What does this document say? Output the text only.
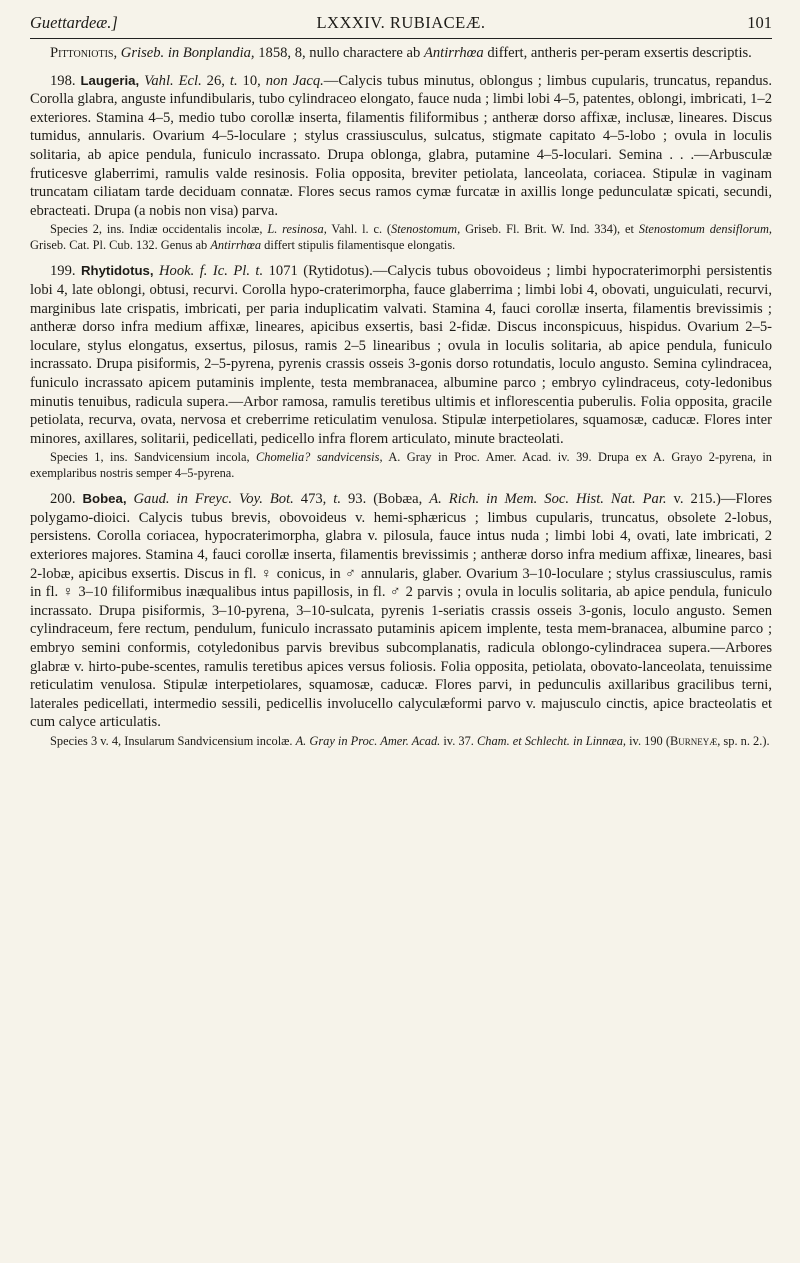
Guettardeæ.]	LXXXIV. RUBIACEÆ.	101

Pittoniotis, Griseb. in Bonplandia, 1858, 8, nullo charactere ab Antirrhœa differt, antheris per-peram exsertis descriptis.

198. Laugeria, Vahl. Ecl. 26, t. 10, non Jacq.—Calycis tubus minutus, oblongus ; limbus cupularis, truncatus, repandus. Corolla glabra, anguste infundibularis, tubo cylindraceo elongato, fauce nuda ; limbi lobi 4–5, patentes, oblongi, imbricati, 1–2 exteriores. Stamina 4–5, medio tubo corollæ inserta, filamentis filiformibus ; antheræ dorso affixæ, inclusæ, lineares. Discus tumidus, annularis. Ovarium 4–5-loculare ; stylus crassiusculus, sulcatus, stigmate capitato 4–5-lobo ; ovula in loculis solitaria, ab apice pendula, funiculo incrassato. Drupa oblonga, glabra, putamine 4–5-loculari. Semina . . .—Arbusculæ fruticesve glaberrimi, ramulis valde resinosis. Folia opposita, breviter petiolata, lanceolata, coriacea. Stipulæ in vaginam truncatam ciliatam tarde deciduam connatæ. Flores secus ramos cymæ furcatæ in axillis longe pedunculatæ spicati, secundi, ebracteati. Drupa (a nobis non visa) parva.

Species 2, ins. Indiæ occidentalis incolæ, L. resinosa, Vahl. l. c. (Stenostomum, Griseb. Fl. Brit. W. Ind. 334), et Stenostomum densiflorum, Griseb. Cat. Pl. Cub. 132. Genus ab Antirrhœa differt stipulis filamentisque elongatis.

199. Rhytidotus, Hook. f. Ic. Pl. t. 1071 (Rytidotus).—Calycis tubus obovoideus ; limbi hypocraterimorphi persistentis lobi 4, late oblongi, obtusi, recurvi. Corolla hypo-craterimorpha, fauce glaberrima ; limbi lobi 4, obovati, unguiculati, recurvi, marginibus late crispatis, imbricati, per paria induplicatim valvati. Stamina 4, fauci corollæ inserta, filamentis brevissimis ; antheræ dorso infra medium affixæ, lineares, apicibus exsertis, basi 2-fidæ. Discus inconspicuus, hispidus. Ovarium 2–5-loculare, stylus elongatus, exsertus, pilosus, ramis 2–5 linearibus ; ovula in loculis solitaria, ab apice pendula, funiculo incrassato. Drupa pisiformis, 2–5-pyrena, pyrenis crassis osseis 3-gonis dorso rotundatis, loculo angusto. Semina cylindracea, funiculo incrassato apicem putaminis implente, testa membranacea, albumine parco ; embryo cylindraceus, coty-ledonibus minutis tenuibus, radicula supera.—Arbor ramosa, ramulis teretibus ultimis et inflorescentia puberulis. Folia opposita, gracile petiolata, recurva, ovata, nervosa et creberrime reticulatim venulosa. Stipulæ interpetiolares, squamosæ, caducæ. Flores inter minores, axillares, solitarii, pedicellati, pedicello infra florem articulato, minute bracteolati.

Species 1, ins. Sandvicensium incola, Chomelia? sandvicensis, A. Gray in Proc. Amer. Acad. iv. 39. Drupa ex A. Grayo 2-pyrena, in exemplaribus nostris semper 4–5-pyrena.

200. Bobea, Gaud. in Freyc. Voy. Bot. 473, t. 93. (Bobæa, A. Rich. in Mem. Soc. Hist. Nat. Par. v. 215.)—Flores polygamo-dioici. Calycis tubus brevis, obovoideus v. hemi-sphæricus ; limbus cupularis, truncatus, obsolete 2-lobus, persistens. Corolla coriacea, hypocraterimorpha, glabra v. pilosula, fauce intus nuda ; limbi lobi 4, ovati, late imbricati, 2 exteriores majores. Stamina 4, fauci corollæ inserta, filamentis brevissimis ; antheræ dorso infra medium affixæ, lineares, basi 2-lobæ, apicibus exsertis. Discus in fl. ♀ conicus, in ♂ annularis, glaber. Ovarium 3–10-loculare ; stylus crassiusculus, ramis in fl. ♀ 3–10 filiformibus inæqualibus intus papillosis, in fl. ♂ 2 parvis ; ovula in loculis solitaria, ab apice pendula, funiculo incrassato. Drupa pisiformis, 3–10-pyrena, 3–10-sulcata, pyrenis 1-seriatis crassis osseis 3-gonis, loculo angusto. Semen cylindraceum, fere rectum, pendulum, funiculo incrassato putaminis apicem implente, testa mem-branacea, albumine parco ; embryo semini conformis, cotyledonibus parvis brevibus subcomplanatis, radicula oblongo-cylindracea supera.—Arbores glabræ v. hirto-pube-scentes, ramulis teretibus apices versus foliosis. Folia opposita, petiolata, obovato-lanceolata, tenuissime reticulatim venulosa. Stipulæ interpetiolares, squamosæ, caducæ. Flores parvi, in pedunculis axillaribus gracilibus terni, laterales pedicellati, intermedio sessili, pedicellis involucello calyculæformi parvo v. majusculo cinctis, apice bracteolatis et cum calyce articulatis.

Species 3 v. 4, Insularum Sandvicensium incolæ. A. Gray in Proc. Amer. Acad. iv. 37. Cham. et Schlecht. in Linnæa, iv. 190 (Burneyæ, sp. n. 2.).
